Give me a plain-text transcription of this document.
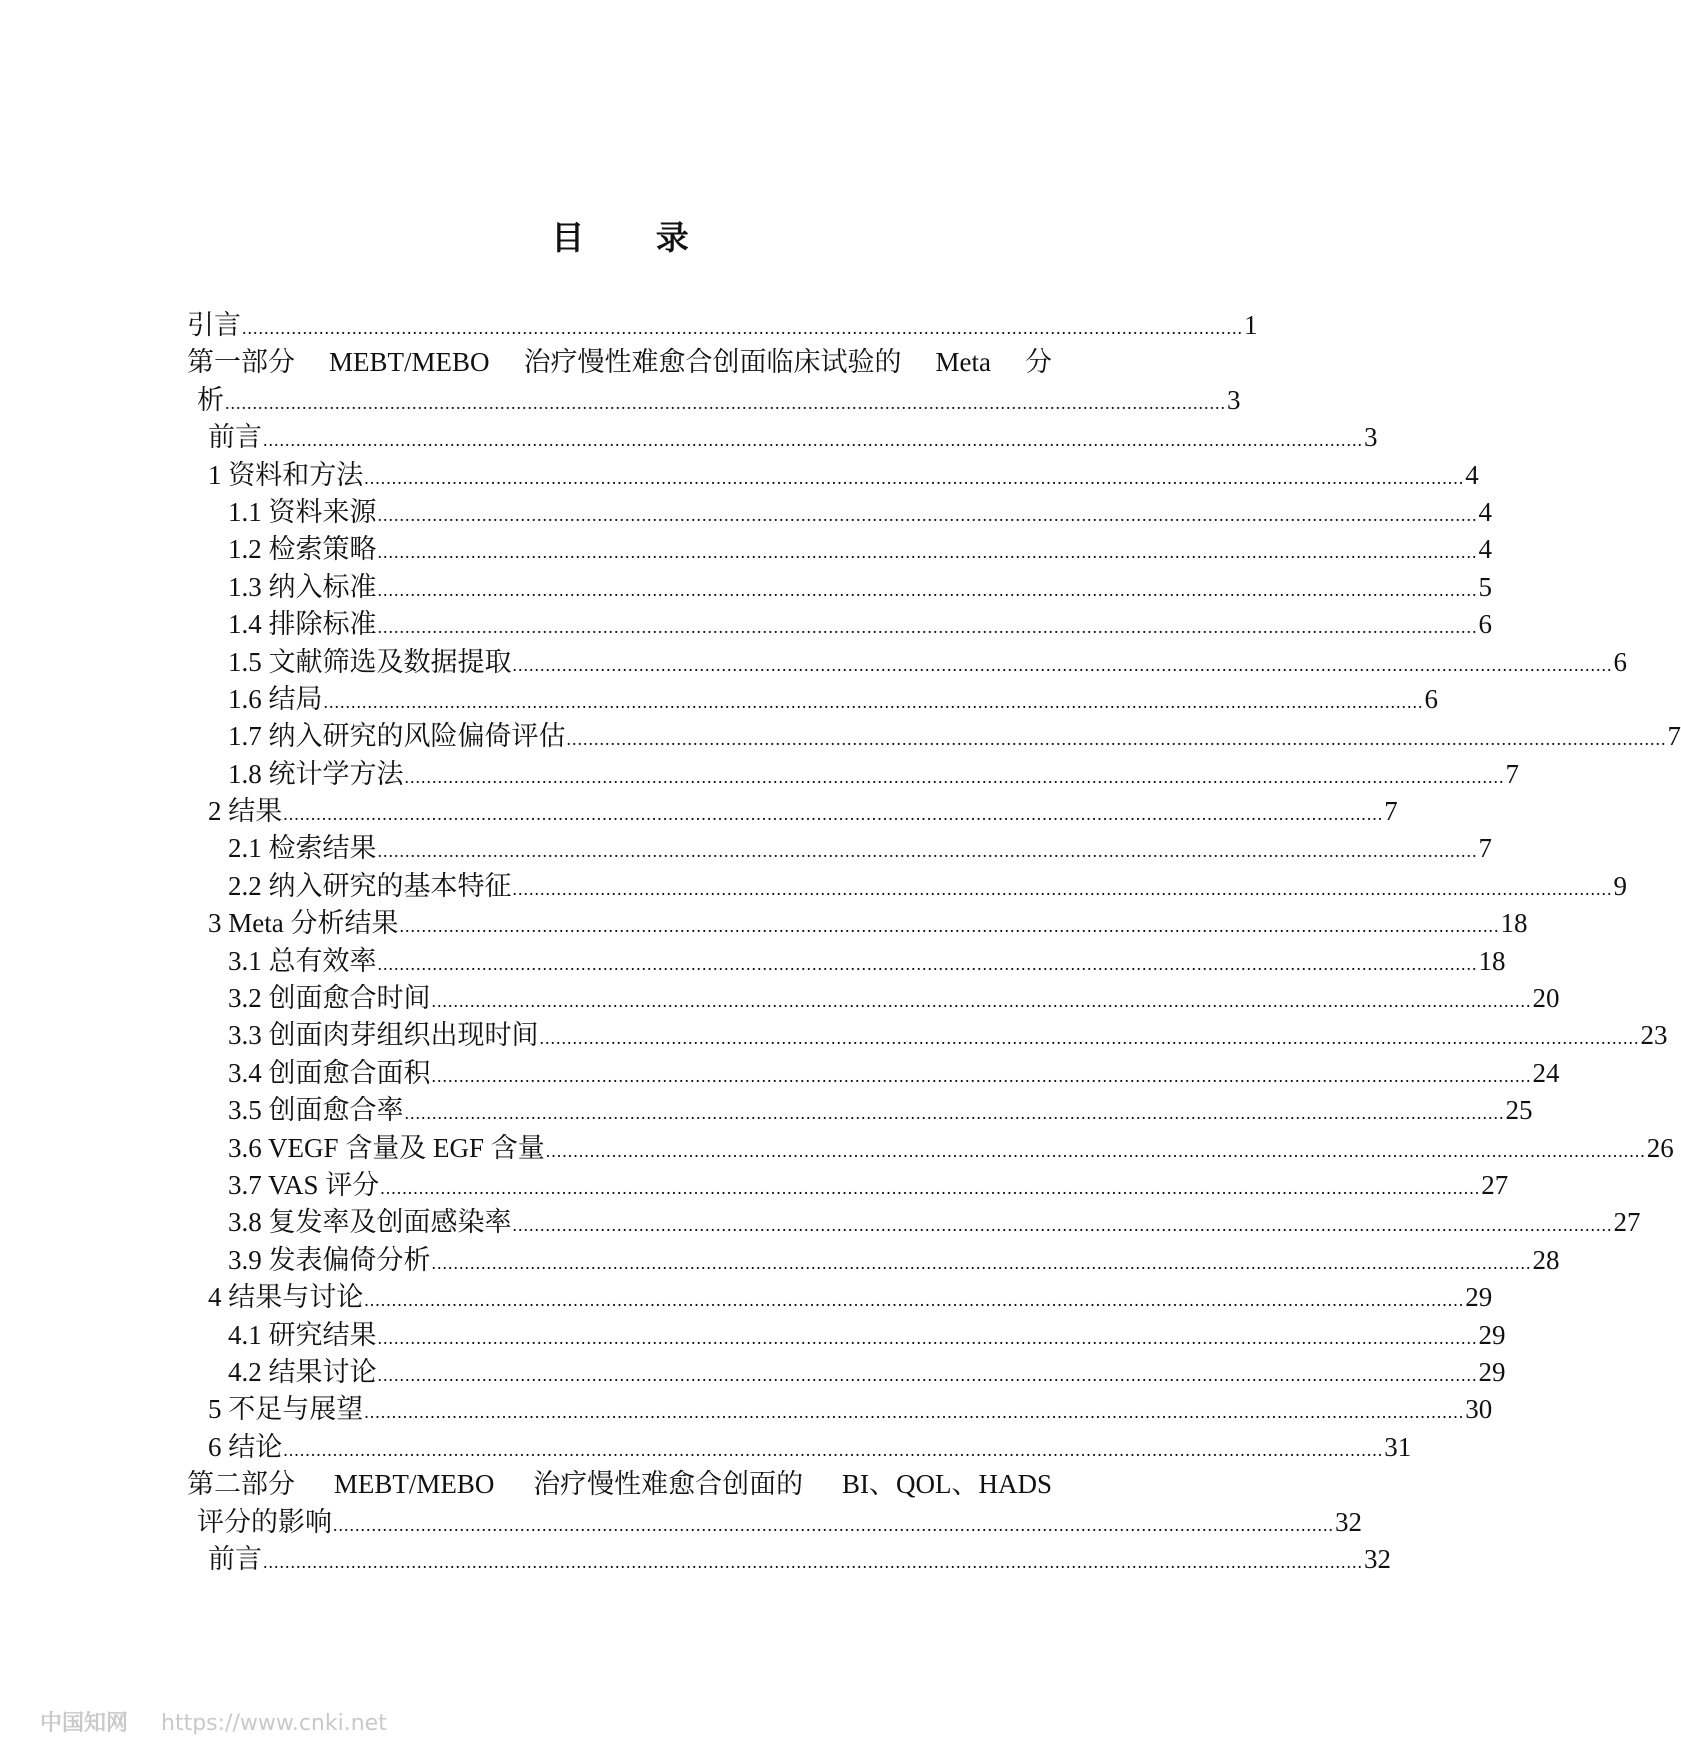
目 录
引言 ...................................................................................................................................................................................... 1
第一部分 MEBT/MEBO 治疗慢性难愈合创面临床试验的 Meta 分
析 ...................................................................................................................................................................................... 3
前言 ........................................................................................................................................................................................................ 3
1 资料和方法 ........................................................................................................................................................................................................ 4
1.1 资料来源 ........................................................................................................................................................................................................ 4
1.2 检索策略 ........................................................................................................................................................................................................ 4
1.3 纳入标准 ........................................................................................................................................................................................................ 5
1.4 排除标准 ........................................................................................................................................................................................................ 6
1.5 文献筛选及数据提取 ........................................................................................................................................................................................................ 6
1.6 结局 ........................................................................................................................................................................................................ 6
1.7 纳入研究的风险偏倚评估 ........................................................................................................................................................................................................ 7
1.8 统计学方法 ........................................................................................................................................................................................................ 7
2 结果 ........................................................................................................................................................................................................ 7
2.1 检索结果 ........................................................................................................................................................................................................ 7
2.2 纳入研究的基本特征 ........................................................................................................................................................................................................ 9
3 Meta 分析结果 ........................................................................................................................................................................................................ 18
3.1 总有效率 ........................................................................................................................................................................................................ 18
3.2 创面愈合时间 ........................................................................................................................................................................................................ 20
3.3 创面肉芽组织出现时间 ........................................................................................................................................................................................................ 23
3.4 创面愈合面积 ........................................................................................................................................................................................................ 24
3.5 创面愈合率 ........................................................................................................................................................................................................ 25
3.6 VEGF 含量及 EGF 含量 ........................................................................................................................................................................................................ 26
3.7 VAS 评分 ........................................................................................................................................................................................................ 27
3.8 复发率及创面感染率 ........................................................................................................................................................................................................ 27
3.9 发表偏倚分析 ........................................................................................................................................................................................................ 28
4 结果与讨论 ........................................................................................................................................................................................................ 29
4.1 研究结果 ........................................................................................................................................................................................................ 29
4.2 结果讨论 ........................................................................................................................................................................................................ 29
5 不足与展望 ........................................................................................................................................................................................................ 30
6 结论 ........................................................................................................................................................................................................ 31
第二部分 MEBT/MEBO 治疗慢性难愈合创面的 BI、QOL、HADS
评分的影响 ...................................................................................................................................................................................... 32
前言 ........................................................................................................................................................................................................ 32
中国知网 https://www.cnki.net
